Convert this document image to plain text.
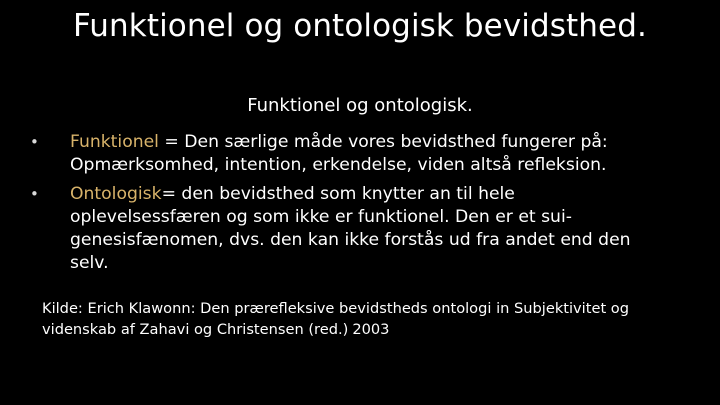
Funktionel og ontologisk bevidsthed.
Funktionel og ontologisk.
• Funktionel = Den særlige måde vores bevidsthed fungerer på:
Opmærksomhed, intention, erkendelse, viden altså refleksion.
• Ontologisk= den bevidsthed som knytter an til hele
oplevelsessfæren og som ikke er funktionel. Den er et sui-
genesisfænomen, dvs. den kan ikke forstås ud fra andet end den
selv.
Kilde: Erich Klawonn: Den prærefleksive bevidstheds ontologi in Subjektivitet og
videnskab af Zahavi og Christensen (red.) 2003
